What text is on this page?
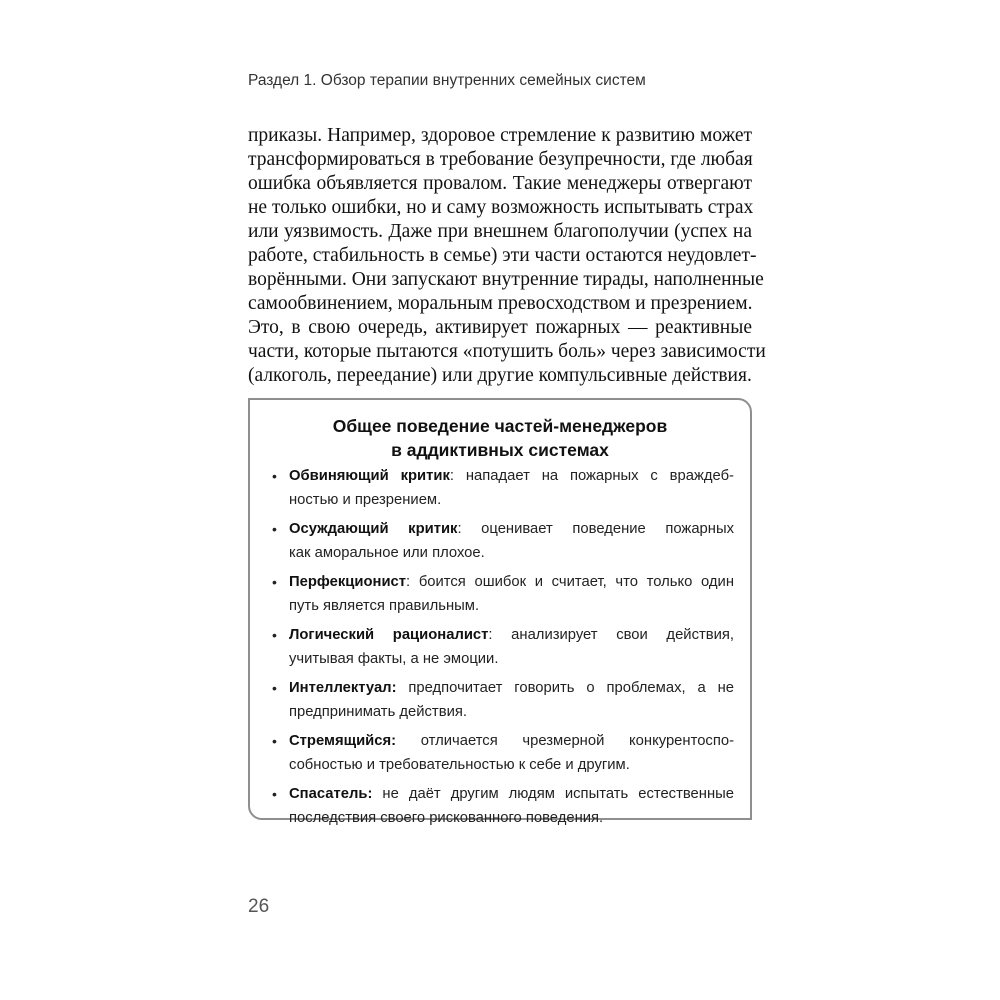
Раздел 1. Обзор терапии внутренних семейных систем
приказы. Например, здоровое стремление к развитию может
трансформироваться в требование безупречности, где любая
ошибка объявляется провалом. Такие менеджеры отвергают
не только ошибки, но и саму возможность испытывать страх
или уязвимость. Даже при внешнем благополучии (успех на
работе, стабильность в семье) эти части остаются неудовлет-
ворёнными. Они запускают внутренние тирады, наполненные
самообвинением, моральным превосходством и презрением.
Это, в свою очередь, активирует пожарных — реактивные
части, которые пытаются «потушить боль» через зависимости
(алкоголь, переедание) или другие компульсивные действия.
Общее поведение частей-менеджеров
в аддиктивных системах
• Обвиняющий критик: нападает на пожарных с враждеб-
ностью и презрением.
• Осуждающий критик: оценивает поведение пожарных
как аморальное или плохое.
• Перфекционист: боится ошибок и считает, что только один
путь является правильным.
• Логический рационалист: анализирует свои действия,
учитывая факты, а не эмоции.
• Интеллектуал: предпочитает говорить о проблемах, а не
предпринимать действия.
• Стремящийся: отличается чрезмерной конкурентоспо-
собностью и требовательностью к себе и другим.
• Спасатель: не даёт другим людям испытать естественные
последствия своего рискованного поведения.
26
